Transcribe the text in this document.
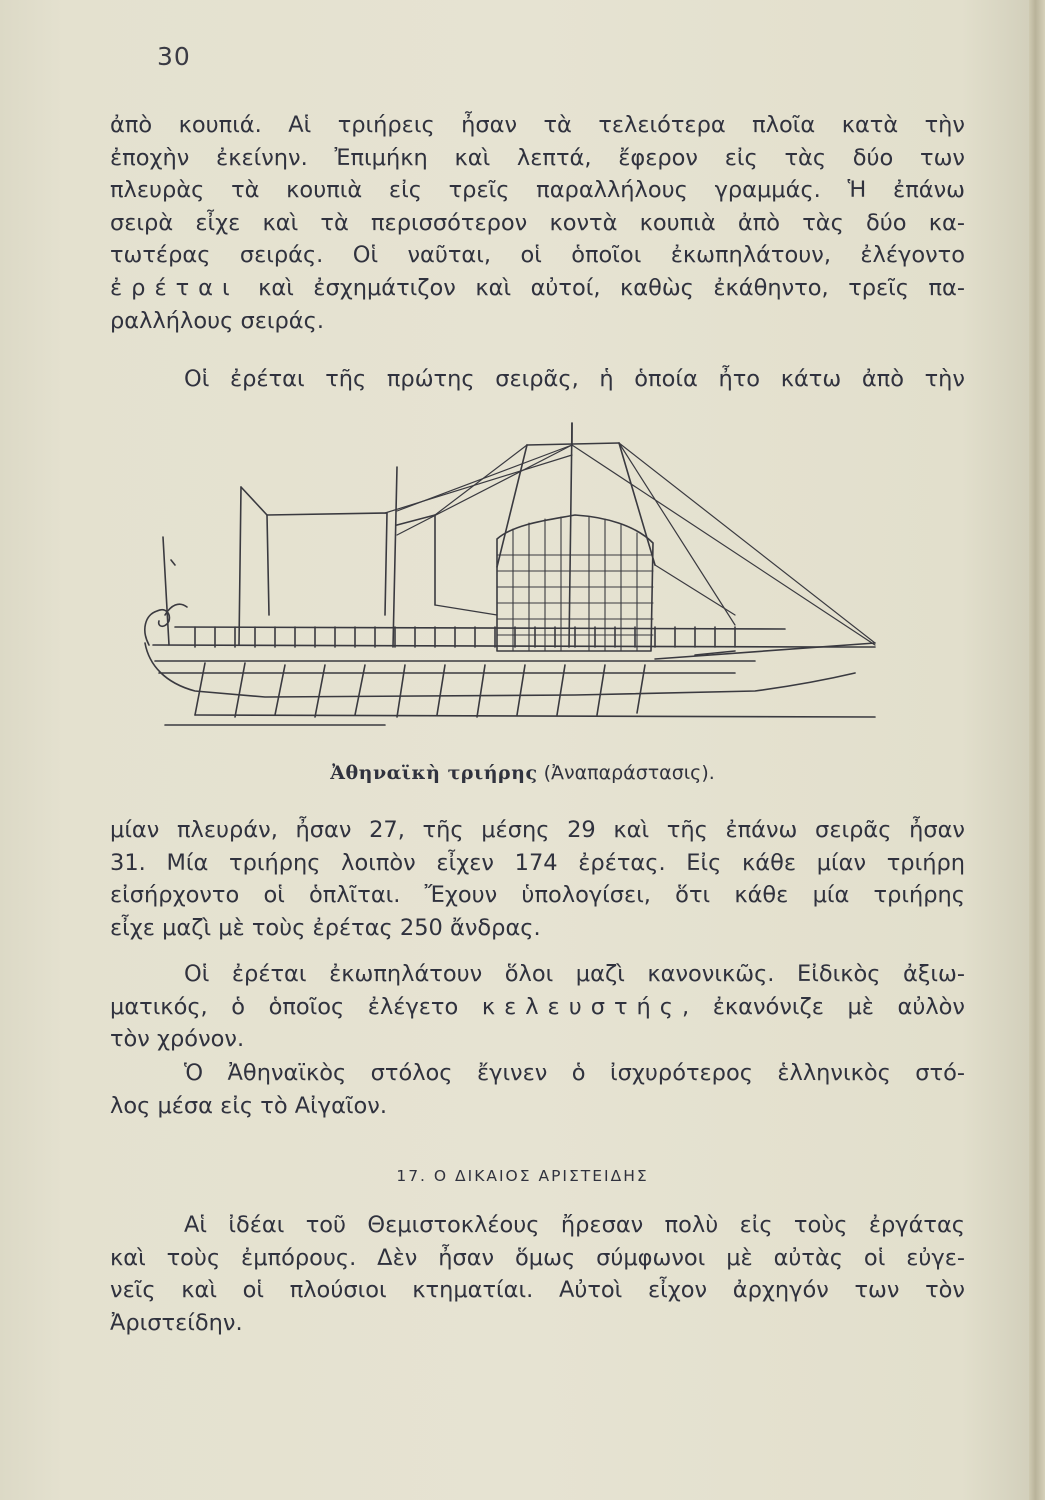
30
ἀπὸ κουπιά. Αἱ τριήρεις ἦσαν τὰ τελειότερα πλοῖα κατὰ τὴν
ἐποχὴν ἐκείνην. Ἐπιμήκη καὶ λεπτά, ἔφερον εἰς τὰς δύο των
πλευρὰς τὰ κουπιὰ εἰς τρεῖς παραλλήλους γραμμάς. Ἡ ἐπάνω
σειρὰ εἶχε καὶ τὰ περισσότερον κοντὰ κουπιὰ ἀπὸ τὰς δύο κα-
τωτέρας σειράς. Οἱ ναῦται, οἱ ὁποῖοι ἐκωπηλάτουν, ἐλέγοντο
ἐρέται καὶ ἐσχημάτιζον καὶ αὐτοί, καθὼς ἐκάθηντο, τρεῖς πα-
ραλλήλους σειράς.
Οἱ ἐρέται τῆς πρώτης σειρᾶς, ἡ ὁποία ἦτο κάτω ἀπὸ τὴν
Ἀθηναϊκὴ τριήρης (Ἀναπαράστασις).
μίαν πλευράν, ἦσαν 27, τῆς μέσης 29 καὶ τῆς ἐπάνω σειρᾶς ἦσαν
31. Μία τριήρης λοιπὸν εἶχεν 174 ἐρέτας. Εἰς κάθε μίαν τριήρη
εἰσήρχοντο οἱ ὁπλῖται. Ἔχουν ὑπολογίσει, ὅτι κάθε μία τριήρης
εἶχε μαζὶ μὲ τοὺς ἐρέτας 250 ἄνδρας.
Οἱ ἐρέται ἐκωπηλάτουν ὅλοι μαζὶ κανονικῶς. Εἰδικὸς ἀξιω-
ματικός, ὁ ὁποῖος ἐλέγετο κελευστής, ἐκανόνιζε μὲ αὐλὸν
τὸν χρόνον.
Ὁ Ἀθηναϊκὸς στόλος ἔγινεν ὁ ἰσχυρότερος ἑλληνικὸς στό-
λος μέσα εἰς τὸ Αἰγαῖον.
17. Ο ΔΙΚΑΙΟΣ ΑΡΙΣΤΕΙΔΗΣ
Αἱ ἰδέαι τοῦ Θεμιστοκλέους ἤρεσαν πολὺ εἰς τοὺς ἐργάτας
καὶ τοὺς ἐμπόρους. Δὲν ἦσαν ὅμως σύμφωνοι μὲ αὐτὰς οἱ εὐγε-
νεῖς καὶ οἱ πλούσιοι κτηματίαι. Αὐτοὶ εἶχον ἀρχηγόν των τὸν
Ἀριστείδην.
